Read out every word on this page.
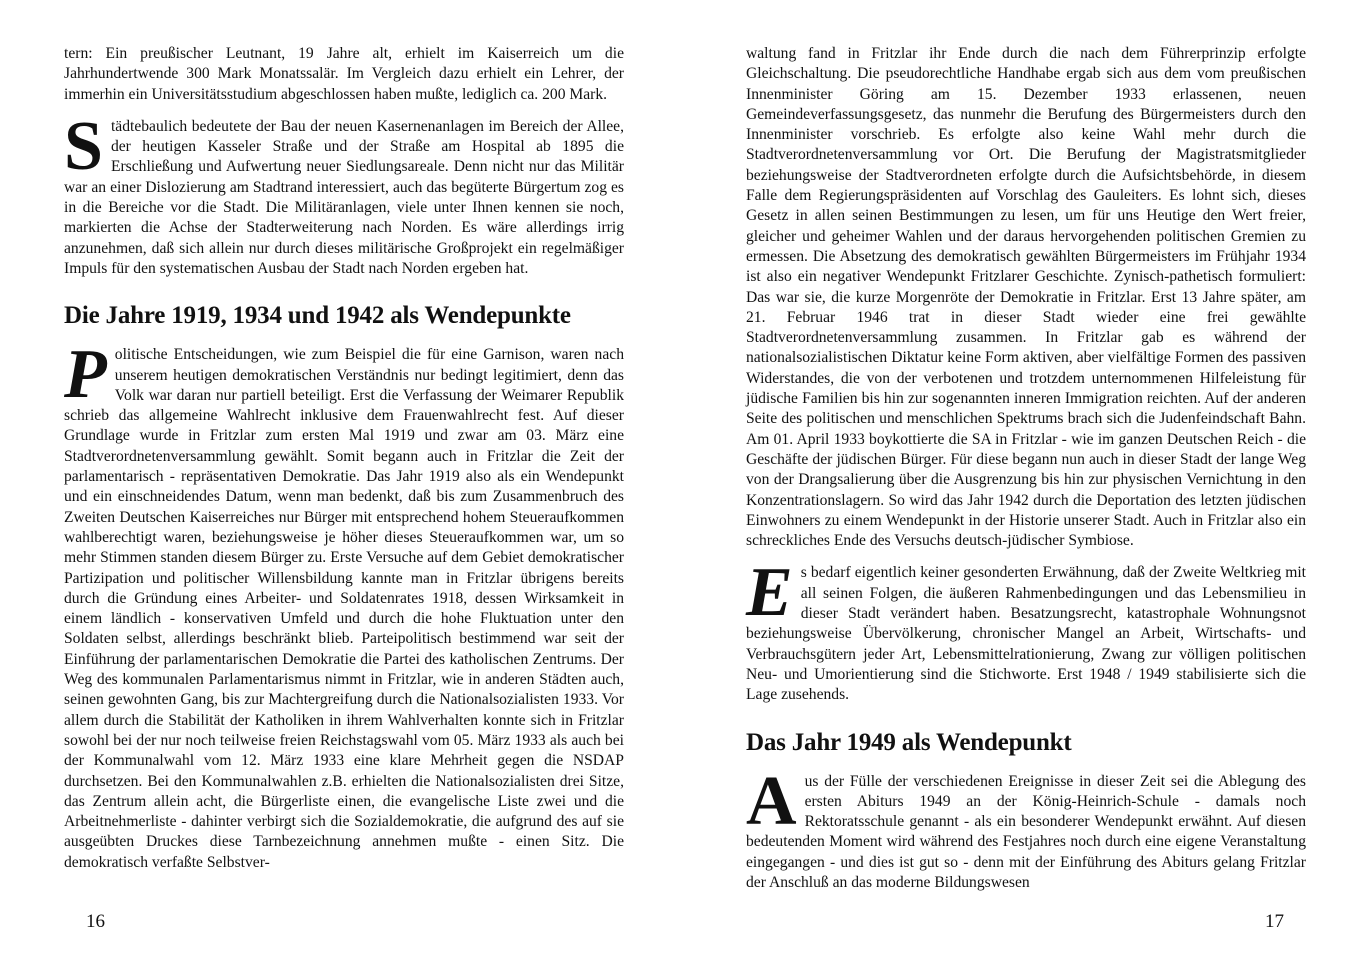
tern: Ein preußischer Leutnant, 19 Jahre alt, erhielt im Kaiserreich um die Jahrhundertwende 300 Mark Monatssalär. Im Vergleich dazu erhielt ein Lehrer, der immerhin ein Universitätsstudium abgeschlossen haben mußte, lediglich ca. 200 Mark.

Städtebaulich bedeutete der Bau der neuen Kasernenanlagen im Bereich der Allee, der heutigen Kasseler Straße und der Straße am Hospital ab 1895 die Erschließung und Aufwertung neuer Siedlungsareale. Denn nicht nur das Militär war an einer Dislozierung am Stadtrand interessiert, auch das begüterte Bürgertum zog es in die Bereiche vor die Stadt. Die Militäranlagen, viele unter Ihnen kennen sie noch, markierten die Achse der Stadterweiterung nach Norden. Es wäre allerdings irrig anzunehmen, daß sich allein nur durch dieses militärische Großprojekt ein regelmäßiger Impuls für den systematischen Ausbau der Stadt nach Norden ergeben hat.

Die Jahre 1919, 1934 und 1942 als Wendepunkte

Politische Entscheidungen, wie zum Beispiel die für eine Garnison, waren nach unserem heutigen demokratischen Verständnis nur bedingt legitimiert, denn das Volk war daran nur partiell beteiligt. Erst die Verfassung der Weimarer Republik schrieb das allgemeine Wahlrecht inklusive dem Frauenwahlrecht fest. Auf dieser Grundlage wurde in Fritzlar zum ersten Mal 1919 und zwar am 03. März eine Stadtverordnetenversammlung gewählt. Somit begann auch in Fritzlar die Zeit der parlamentarisch - repräsentativen Demokratie. Das Jahr 1919 also als ein Wendepunkt und ein einschneidendes Datum, wenn man bedenkt, daß bis zum Zusammenbruch des Zweiten Deutschen Kaiserreiches nur Bürger mit entsprechend hohem Steueraufkommen wahlberechtigt waren, beziehungsweise je höher dieses Steueraufkommen war, um so mehr Stimmen standen diesem Bürger zu. Erste Versuche auf dem Gebiet demokratischer Partizipation und politischer Willensbildung kannte man in Fritzlar übrigens bereits durch die Gründung eines Arbeiter- und Soldatenrates 1918, dessen Wirksamkeit in einem ländlich - konservativen Umfeld und durch die hohe Fluktuation unter den Soldaten selbst, allerdings beschränkt blieb. Parteipolitisch bestimmend war seit der Einführung der parlamentarischen Demokratie die Partei des katholischen Zentrums. Der Weg des kommunalen Parlamentarismus nimmt in Fritzlar, wie in anderen Städten auch, seinen gewohnten Gang, bis zur Machtergreifung durch die Nationalsozialisten 1933. Vor allem durch die Stabilität der Katholiken in ihrem Wahlverhalten konnte sich in Fritzlar sowohl bei der nur noch teilweise freien Reichstagswahl vom 05. März 1933 als auch bei der Kommunalwahl vom 12. März 1933 eine klare Mehrheit gegen die NSDAP durchsetzen. Bei den Kommunalwahlen z.B. erhielten die Nationalsozialisten drei Sitze, das Zentrum allein acht, die Bürgerliste einen, die evangelische Liste zwei und die Arbeitnehmerliste - dahinter verbirgt sich die Sozialdemokratie, die aufgrund des auf sie ausgeübten Druckes diese Tarnbezeichnung annehmen mußte - einen Sitz. Die demokratisch verfaßte Selbstver-

16

waltung fand in Fritzlar ihr Ende durch die nach dem Führerprinzip erfolgte Gleichschaltung. Die pseudorechtliche Handhabe ergab sich aus dem vom preußischen Innenminister Göring am 15. Dezember 1933 erlassenen, neuen Gemeindeverfassungsgesetz, das nunmehr die Berufung des Bürgermeisters durch den Innenminister vorschrieb. Es erfolgte also keine Wahl mehr durch die Stadtverordnetenversammlung vor Ort. Die Berufung der Magistratsmitglieder beziehungsweise der Stadtverordneten erfolgte durch die Aufsichtsbehörde, in diesem Falle dem Regierungspräsidenten auf Vorschlag des Gauleiters. Es lohnt sich, dieses Gesetz in allen seinen Bestimmungen zu lesen, um für uns Heutige den Wert freier, gleicher und geheimer Wahlen und der daraus hervorgehenden politischen Gremien zu ermessen. Die Absetzung des demokratisch gewählten Bürgermeisters im Frühjahr 1934 ist also ein negativer Wendepunkt Fritzlarer Geschichte. Zynisch-pathetisch formuliert: Das war sie, die kurze Morgenröte der Demokratie in Fritzlar. Erst 13 Jahre später, am 21. Februar 1946 trat in dieser Stadt wieder eine frei gewählte Stadtverordnetenversammlung zusammen. In Fritzlar gab es während der nationalsozialistischen Diktatur keine Form aktiven, aber vielfältige Formen des passiven Widerstandes, die von der verbotenen und trotzdem unternommenen Hilfeleistung für jüdische Familien bis hin zur sogenannten inneren Immigration reichten. Auf der anderen Seite des politischen und menschlichen Spektrums brach sich die Judenfeindschaft Bahn. Am 01. April 1933 boykottierte die SA in Fritzlar - wie im ganzen Deutschen Reich - die Geschäfte der jüdischen Bürger. Für diese begann nun auch in dieser Stadt der lange Weg von der Drangsalierung über die Ausgrenzung bis hin zur physischen Vernichtung in den Konzentrationslagern. So wird das Jahr 1942 durch die Deportation des letzten jüdischen Einwohners zu einem Wendepunkt in der Historie unserer Stadt. Auch in Fritzlar also ein schreckliches Ende des Versuchs deutsch-jüdischer Symbiose.

Es bedarf eigentlich keiner gesonderten Erwähnung, daß der Zweite Weltkrieg mit all seinen Folgen, die äußeren Rahmenbedingungen und das Lebensmilieu in dieser Stadt verändert haben. Besatzungsrecht, katastrophale Wohnungsnot beziehungsweise Übervölkerung, chronischer Mangel an Arbeit, Wirtschafts- und Verbrauchsgütern jeder Art, Lebensmittelrationierung, Zwang zur völligen politischen Neu- und Umorientierung sind die Stichworte. Erst 1948 / 1949 stabilisierte sich die Lage zusehends.

Das Jahr 1949 als Wendepunkt

Aus der Fülle der verschiedenen Ereignisse in dieser Zeit sei die Ablegung des ersten Abiturs 1949 an der König-Heinrich-Schule - damals noch Rektoratsschule genannt - als ein besonderer Wendepunkt erwähnt. Auf diesen bedeutenden Moment wird während des Festjahres noch durch eine eigene Veranstaltung eingegangen - und dies ist gut so - denn mit der Einführung des Abiturs gelang Fritzlar der Anschluß an das moderne Bildungswesen

17
